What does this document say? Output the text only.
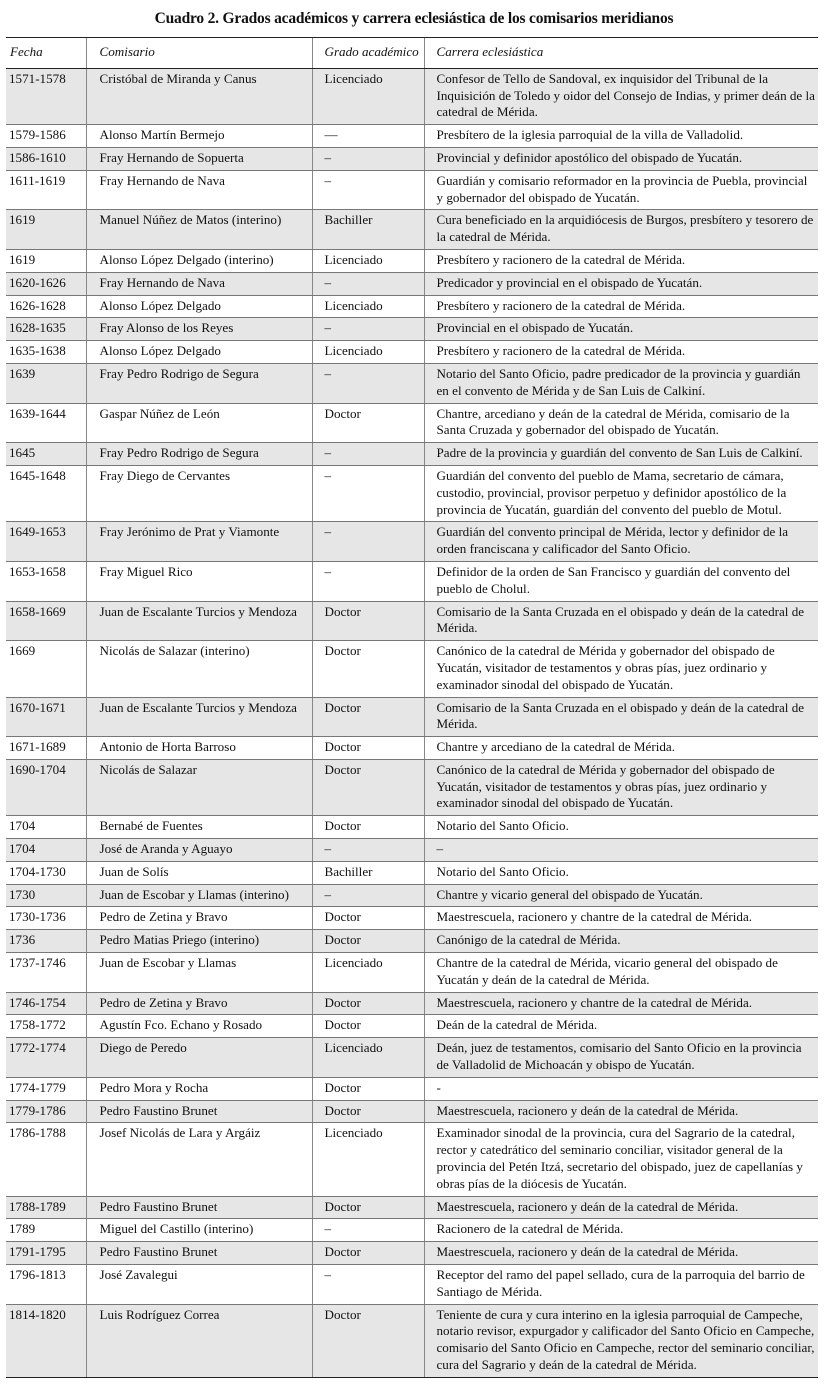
Cuadro 2. Grados académicos y carrera eclesiástica de los comisarios meridianos
Fecha	Comisario	Grado académico	Carrera eclesiástica
1571-1578	Cristóbal de Miranda y Canus	Licenciado	Confesor de Tello de Sandoval, ex inquisidor del Tribunal de la Inquisición de Toledo y oidor del Consejo de Indias, y primer deán de la catedral de Mérida.
1579-1586	Alonso Martín Bermejo	—	Presbítero de la iglesia parroquial de la villa de Valladolid.
1586-1610	Fray Hernando de Sopuerta	–	Provincial y definidor apostólico del obispado de Yucatán.
1611-1619	Fray Hernando de Nava	–	Guardián y comisario reformador en la provincia de Puebla, provincial y gobernador del obispado de Yucatán.
1619	Manuel Núñez de Matos (interino)	Bachiller	Cura beneficiado en la arquidiócesis de Burgos, presbítero y tesorero de la catedral de Mérida.
1619	Alonso López Delgado (interino)	Licenciado	Presbítero y racionero de la catedral de Mérida.
1620-1626	Fray Hernando de Nava	–	Predicador y provincial en el obispado de Yucatán.
1626-1628	Alonso López Delgado	Licenciado	Presbítero y racionero de la catedral de Mérida.
1628-1635	Fray Alonso de los Reyes	–	Provincial en el obispado de Yucatán.
1635-1638	Alonso López Delgado	Licenciado	Presbítero y racionero de la catedral de Mérida.
1639	Fray Pedro Rodrigo de Segura	–	Notario del Santo Oficio, padre predicador de la provincia y guardián en el convento de Mérida y de San Luis de Calkiní.
1639-1644	Gaspar Núñez de León	Doctor	Chantre, arcediano y deán de la catedral de Mérida, comisario de la Santa Cruzada y gobernador del obispado de Yucatán.
1645	Fray Pedro Rodrigo de Segura	–	Padre de la provincia y guardián del convento de San Luis de Calkiní.
1645-1648	Fray Diego de Cervantes	–	Guardián del convento del pueblo de Mama, secretario de cámara, custodio, provincial, provisor perpetuo y definidor apostólico de la provincia de Yucatán, guardián del convento del pueblo de Motul.
1649-1653	Fray Jerónimo de Prat y Viamonte	–	Guardián del convento principal de Mérida, lector y definidor de la orden franciscana y calificador del Santo Oficio.
1653-1658	Fray Miguel Rico	–	Definidor de la orden de San Francisco y guardián del convento del pueblo de Cholul.
1658-1669	Juan de Escalante Turcios y Mendoza	Doctor	Comisario de la Santa Cruzada en el obispado y deán de la catedral de Mérida.
1669	Nicolás de Salazar (interino)	Doctor	Canónico de la catedral de Mérida y gobernador del obispado de Yucatán, visitador de testamentos y obras pías, juez ordinario y examinador sinodal del obispado de Yucatán.
1670-1671	Juan de Escalante Turcios y Mendoza	Doctor	Comisario de la Santa Cruzada en el obispado y deán de la catedral de Mérida.
1671-1689	Antonio de Horta Barroso	Doctor	Chantre y arcediano de la catedral de Mérida.
1690-1704	Nicolás de Salazar	Doctor	Canónico de la catedral de Mérida y gobernador del obispado de Yucatán, visitador de testamentos y obras pías, juez ordinario y examinador sinodal del obispado de Yucatán.
1704	Bernabé de Fuentes	Doctor	Notario del Santo Oficio.
1704	José de Aranda y Aguayo	–	–
1704-1730	Juan de Solís	Bachiller	Notario del Santo Oficio.
1730	Juan de Escobar y Llamas (interino)	–	Chantre y vicario general del obispado de Yucatán.
1730-1736	Pedro de Zetina y Bravo	Doctor	Maestrescuela, racionero y chantre de la catedral de Mérida.
1736	Pedro Matias Priego (interino)	Doctor	Canónigo de la catedral de Mérida.
1737-1746	Juan de Escobar y Llamas	Licenciado	Chantre de la catedral de Mérida, vicario general del obispado de Yucatán y deán de la catedral de Mérida.
1746-1754	Pedro de Zetina y Bravo	Doctor	Maestrescuela, racionero y chantre de la catedral de Mérida.
1758-1772	Agustín Fco. Echano y Rosado	Doctor	Deán de la catedral de Mérida.
1772-1774	Diego de Peredo	Licenciado	Deán, juez de testamentos, comisario del Santo Oficio en la provincia de Valladolid de Michoacán y obispo de Yucatán.
1774-1779	Pedro Mora y Rocha	Doctor	-
1779-1786	Pedro Faustino Brunet	Doctor	Maestrescuela, racionero y deán de la catedral de Mérida.
1786-1788	Josef Nicolás de Lara y Argáiz	Licenciado	Examinador sinodal de la provincia, cura del Sagrario de la catedral, rector y catedrático del seminario conciliar, visitador general de la provincia del Petén Itzá, secretario del obispado, juez de capellanías y obras pías de la diócesis de Yucatán.
1788-1789	Pedro Faustino Brunet	Doctor	Maestrescuela, racionero y deán de la catedral de Mérida.
1789	Miguel del Castillo (interino)	–	Racionero de la catedral de Mérida.
1791-1795	Pedro Faustino Brunet	Doctor	Maestrescuela, racionero y deán de la catedral de Mérida.
1796-1813	José Zavalegui	–	Receptor del ramo del papel sellado, cura de la parroquia del barrio de Santiago de Mérida.
1814-1820	Luis Rodríguez Correa	Doctor	Teniente de cura y cura interino en la iglesia parroquial de Campeche, notario revisor, expurgador y calificador del Santo Oficio en Campeche, comisario del Santo Oficio en Campeche, rector del seminario conciliar, cura del Sagrario y deán de la catedral de Mérida.
